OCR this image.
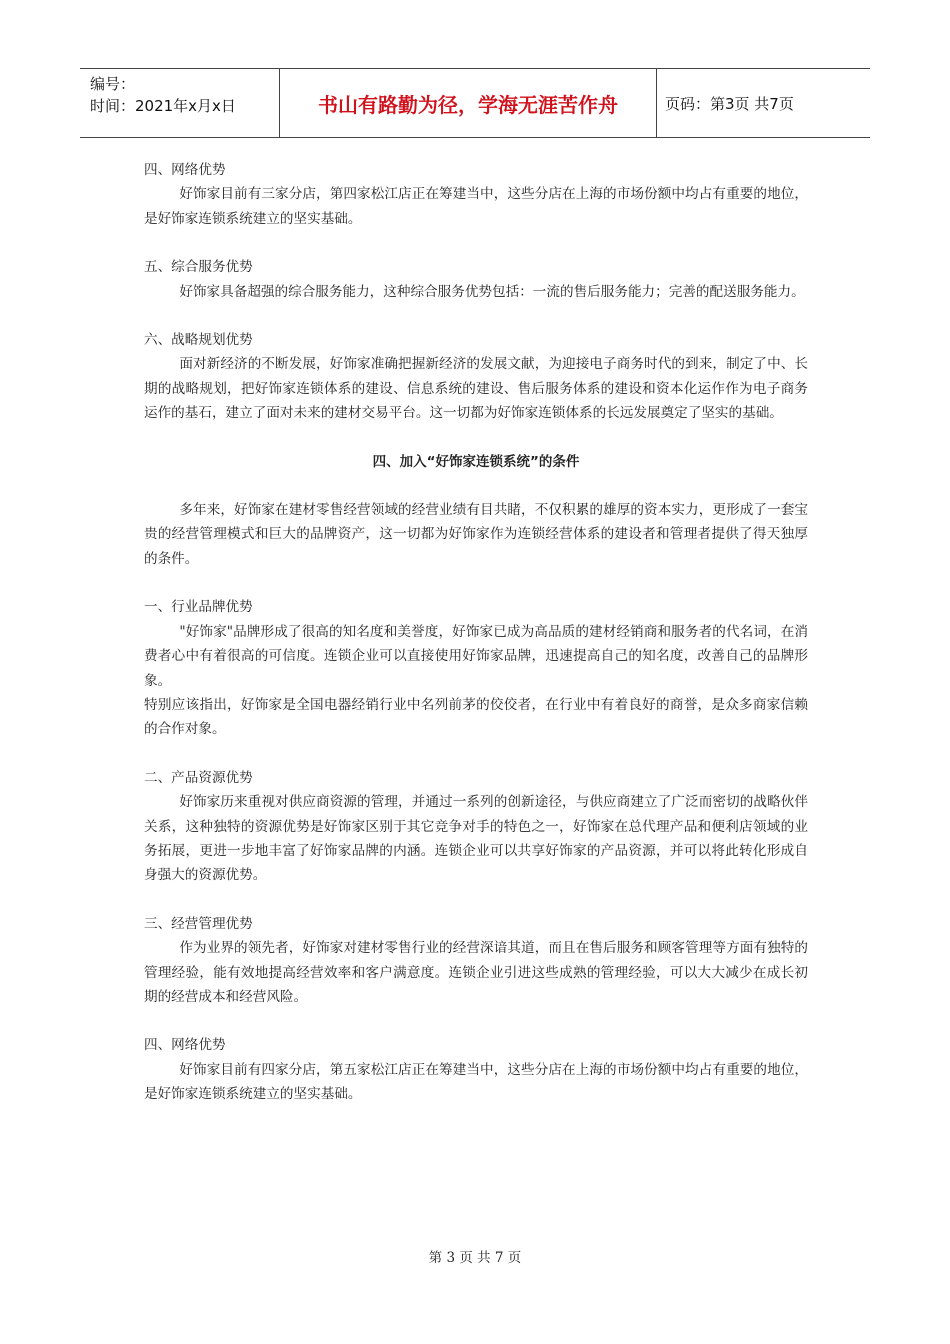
编号：
时间：2021年x月x日	书山有路勤为径，学海无涯苦作舟	页码：第3页 共7页

四、网络优势

好饰家目前有三家分店，第四家松江店正在筹建当中，这些分店在上海的市场份额中均占有重要的地位，是好饰家连锁系统建立的坚实基础。

五、综合服务优势

好饰家具备超强的综合服务能力，这种综合服务优势包括：一流的售后服务能力；完善的配送服务能力。

六、战略规划优势

面对新经济的不断发展，好饰家准确把握新经济的发展文献，为迎接电子商务时代的到来，制定了中、长期的战略规划，把好饰家连锁体系的建设、信息系统的建设、售后服务体系的建设和资本化运作作为电子商务运作的基石，建立了面对未来的建材交易平台。这一切都为好饰家连锁体系的长远发展奠定了坚实的基础。

四、加入“好饰家连锁系统”的条件

多年来，好饰家在建材零售经营领域的经营业绩有目共睹，不仅积累的雄厚的资本实力，更形成了一套宝贵的经营管理模式和巨大的品牌资产，这一切都为好饰家作为连锁经营体系的建设者和管理者提供了得天独厚的条件。

一、行业品牌优势

"好饰家"品牌形成了很高的知名度和美誉度，好饰家已成为高品质的建材经销商和服务者的代名词，在消费者心中有着很高的可信度。连锁企业可以直接使用好饰家品牌，迅速提高自己的知名度，改善自己的品牌形象。

特别应该指出，好饰家是全国电器经销行业中名列前茅的佼佼者，在行业中有着良好的商誉，是众多商家信赖的合作对象。

二、产品资源优势

好饰家历来重视对供应商资源的管理，并通过一系列的创新途径，与供应商建立了广泛而密切的战略伙伴关系，这种独特的资源优势是好饰家区别于其它竞争对手的特色之一，好饰家在总代理产品和便利店领域的业务拓展，更进一步地丰富了好饰家品牌的内涵。连锁企业可以共享好饰家的产品资源，并可以将此转化形成自身强大的资源优势。

三、经营管理优势

作为业界的领先者，好饰家对建材零售行业的经营深谙其道，而且在售后服务和顾客管理等方面有独特的管理经验，能有效地提高经营效率和客户满意度。连锁企业引进这些成熟的管理经验，可以大大减少在成长初期的经营成本和经营风险。

四、网络优势

好饰家目前有四家分店，第五家松江店正在筹建当中，这些分店在上海的市场份额中均占有重要的地位，是好饰家连锁系统建立的坚实基础。

第 3 页 共 7 页
